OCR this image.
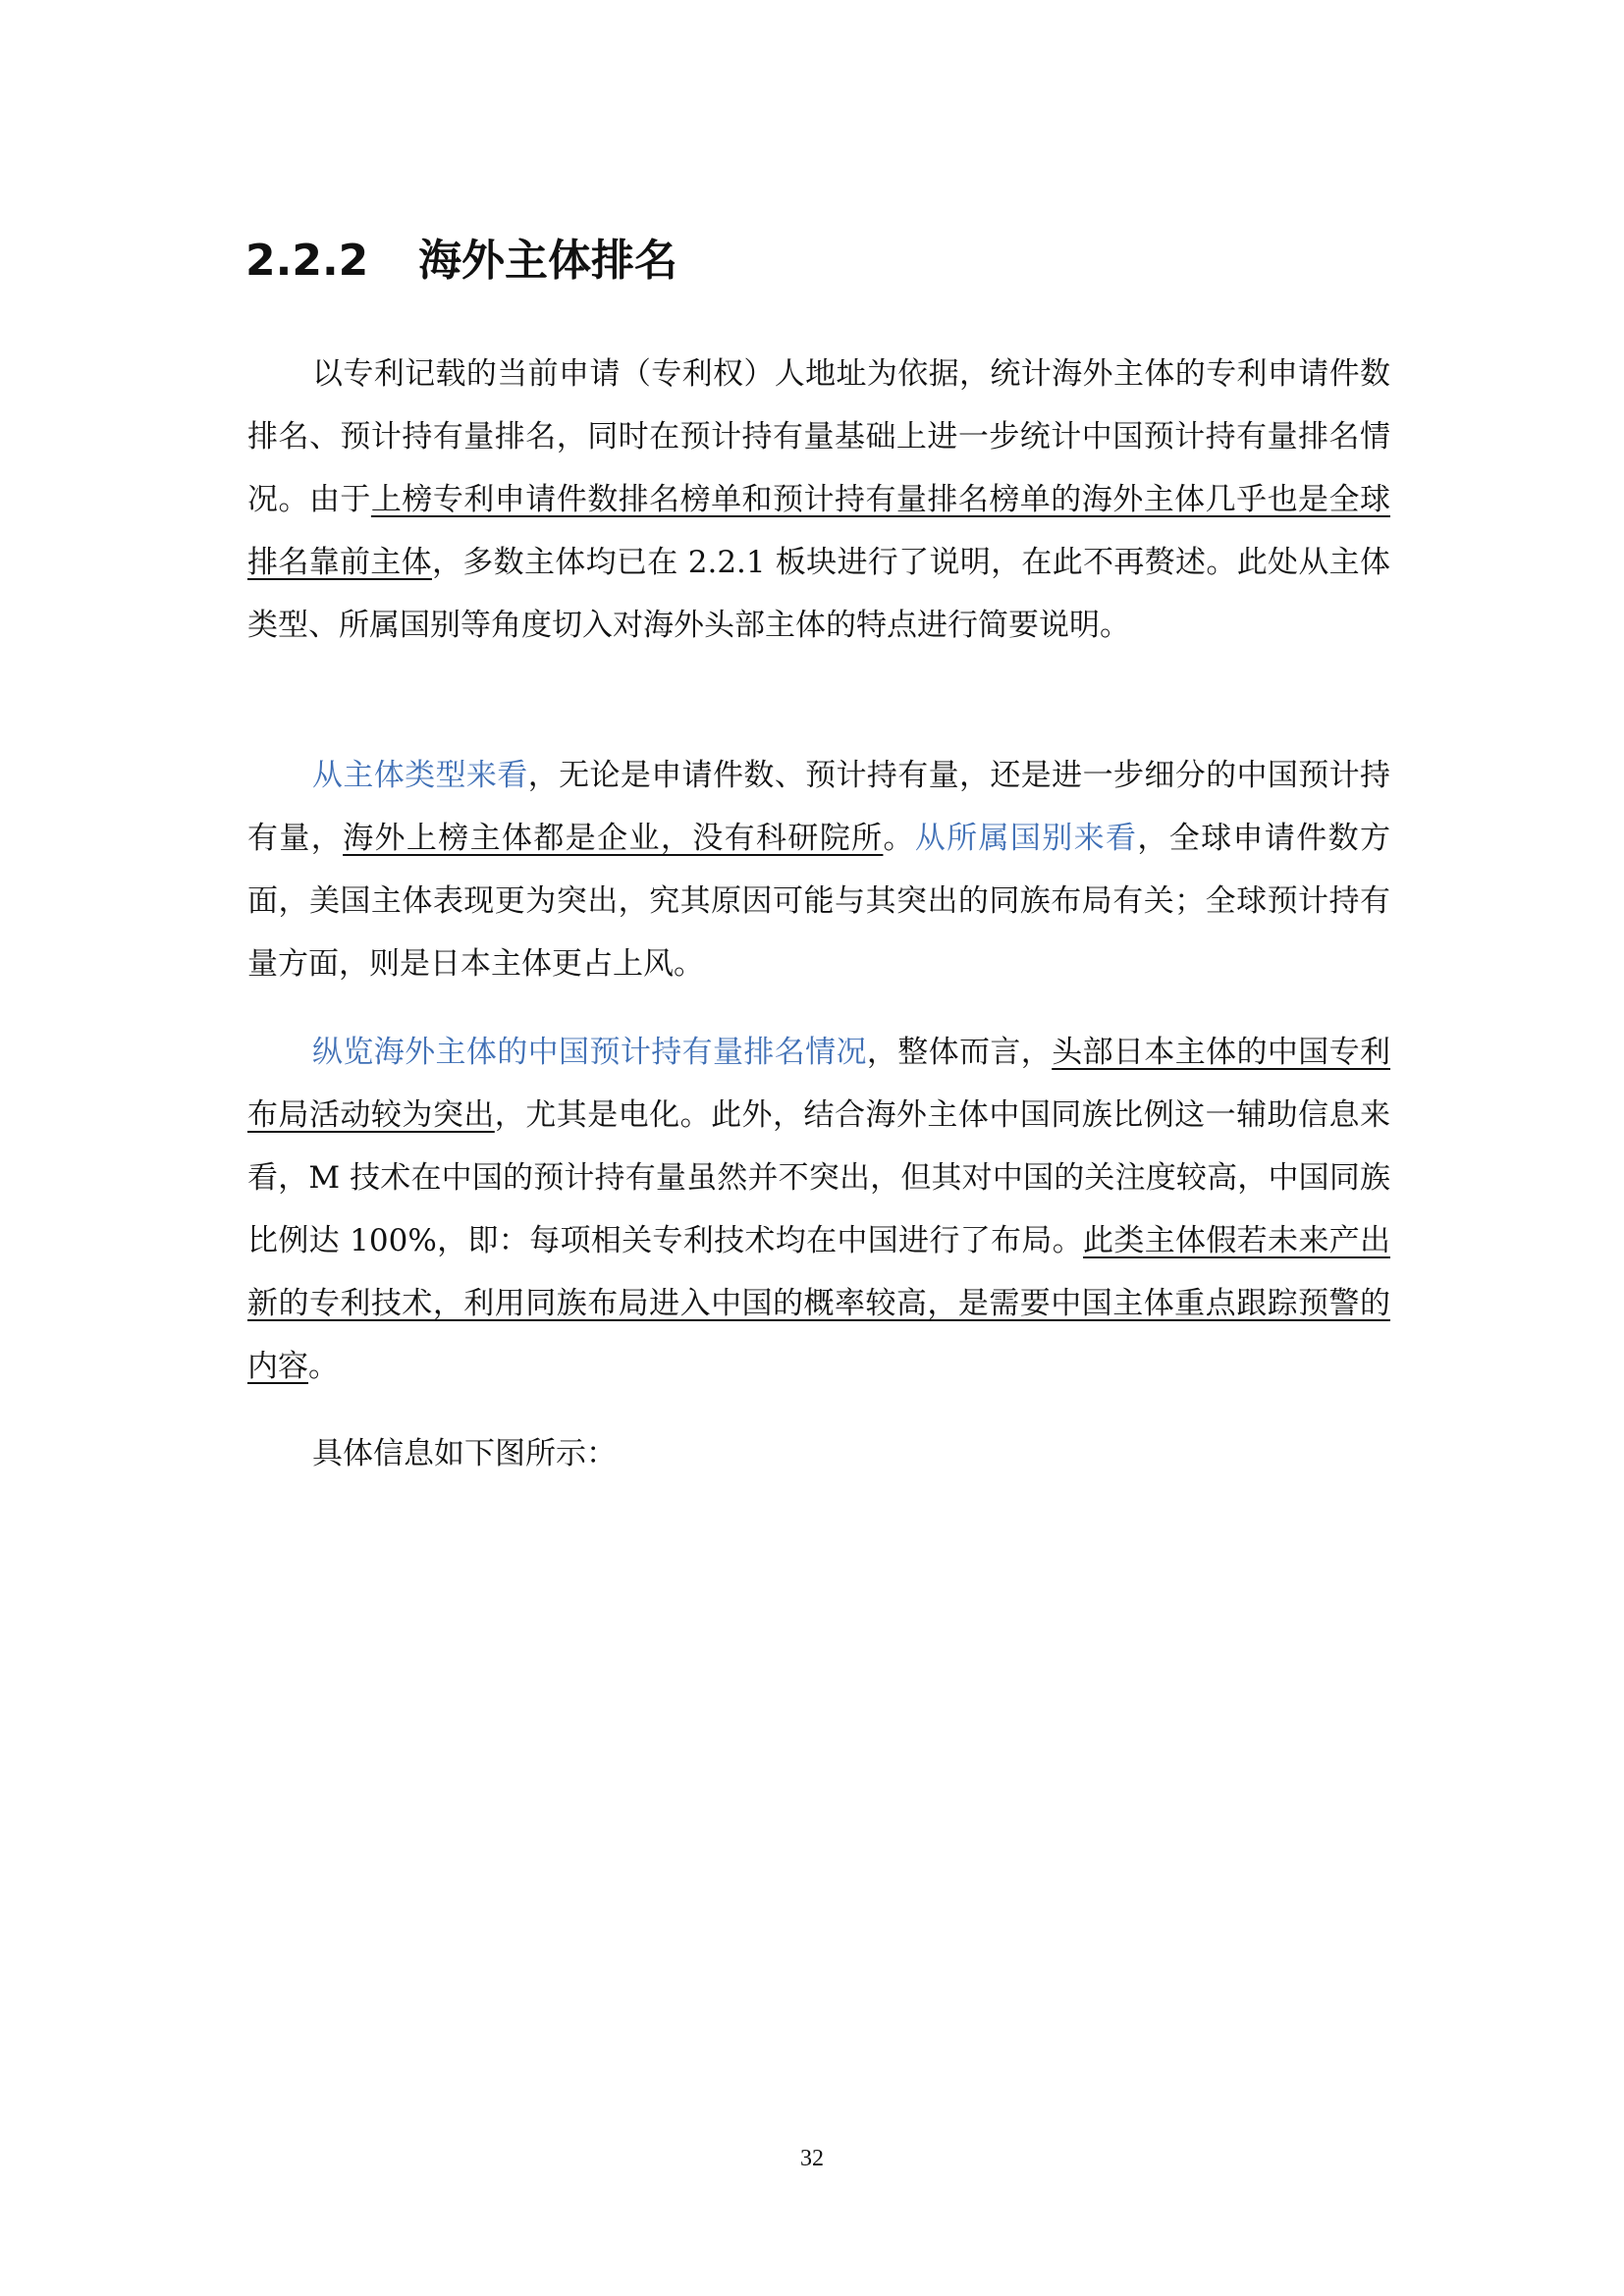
2.2.2 海外主体排名

以专利记载的当前申请（专利权）人地址为依据，统计海外主体的专利申请件数排名、预计持有量排名，同时在预计持有量基础上进一步统计中国预计持有量排名情况。由于上榜专利申请件数排名榜单和预计持有量排名榜单的海外主体几乎也是全球排名靠前主体，多数主体均已在 2.2.1 板块进行了说明，在此不再赘述。此处从主体类型、所属国别等角度切入对海外头部主体的特点进行简要说明。

从主体类型来看，无论是申请件数、预计持有量，还是进一步细分的中国预计持有量，海外上榜主体都是企业，没有科研院所。从所属国别来看，全球申请件数方面，美国主体表现更为突出，究其原因可能与其突出的同族布局有关；全球预计持有量方面，则是日本主体更占上风。

纵览海外主体的中国预计持有量排名情况，整体而言，头部日本主体的中国专利布局活动较为突出，尤其是电化。此外，结合海外主体中国同族比例这一辅助信息来看，M 技术在中国的预计持有量虽然并不突出，但其对中国的关注度较高，中国同族比例达 100%，即：每项相关专利技术均在中国进行了布局。此类主体假若未来产出新的专利技术，利用同族布局进入中国的概率较高，是需要中国主体重点跟踪预警的内容。

具体信息如下图所示：

32
